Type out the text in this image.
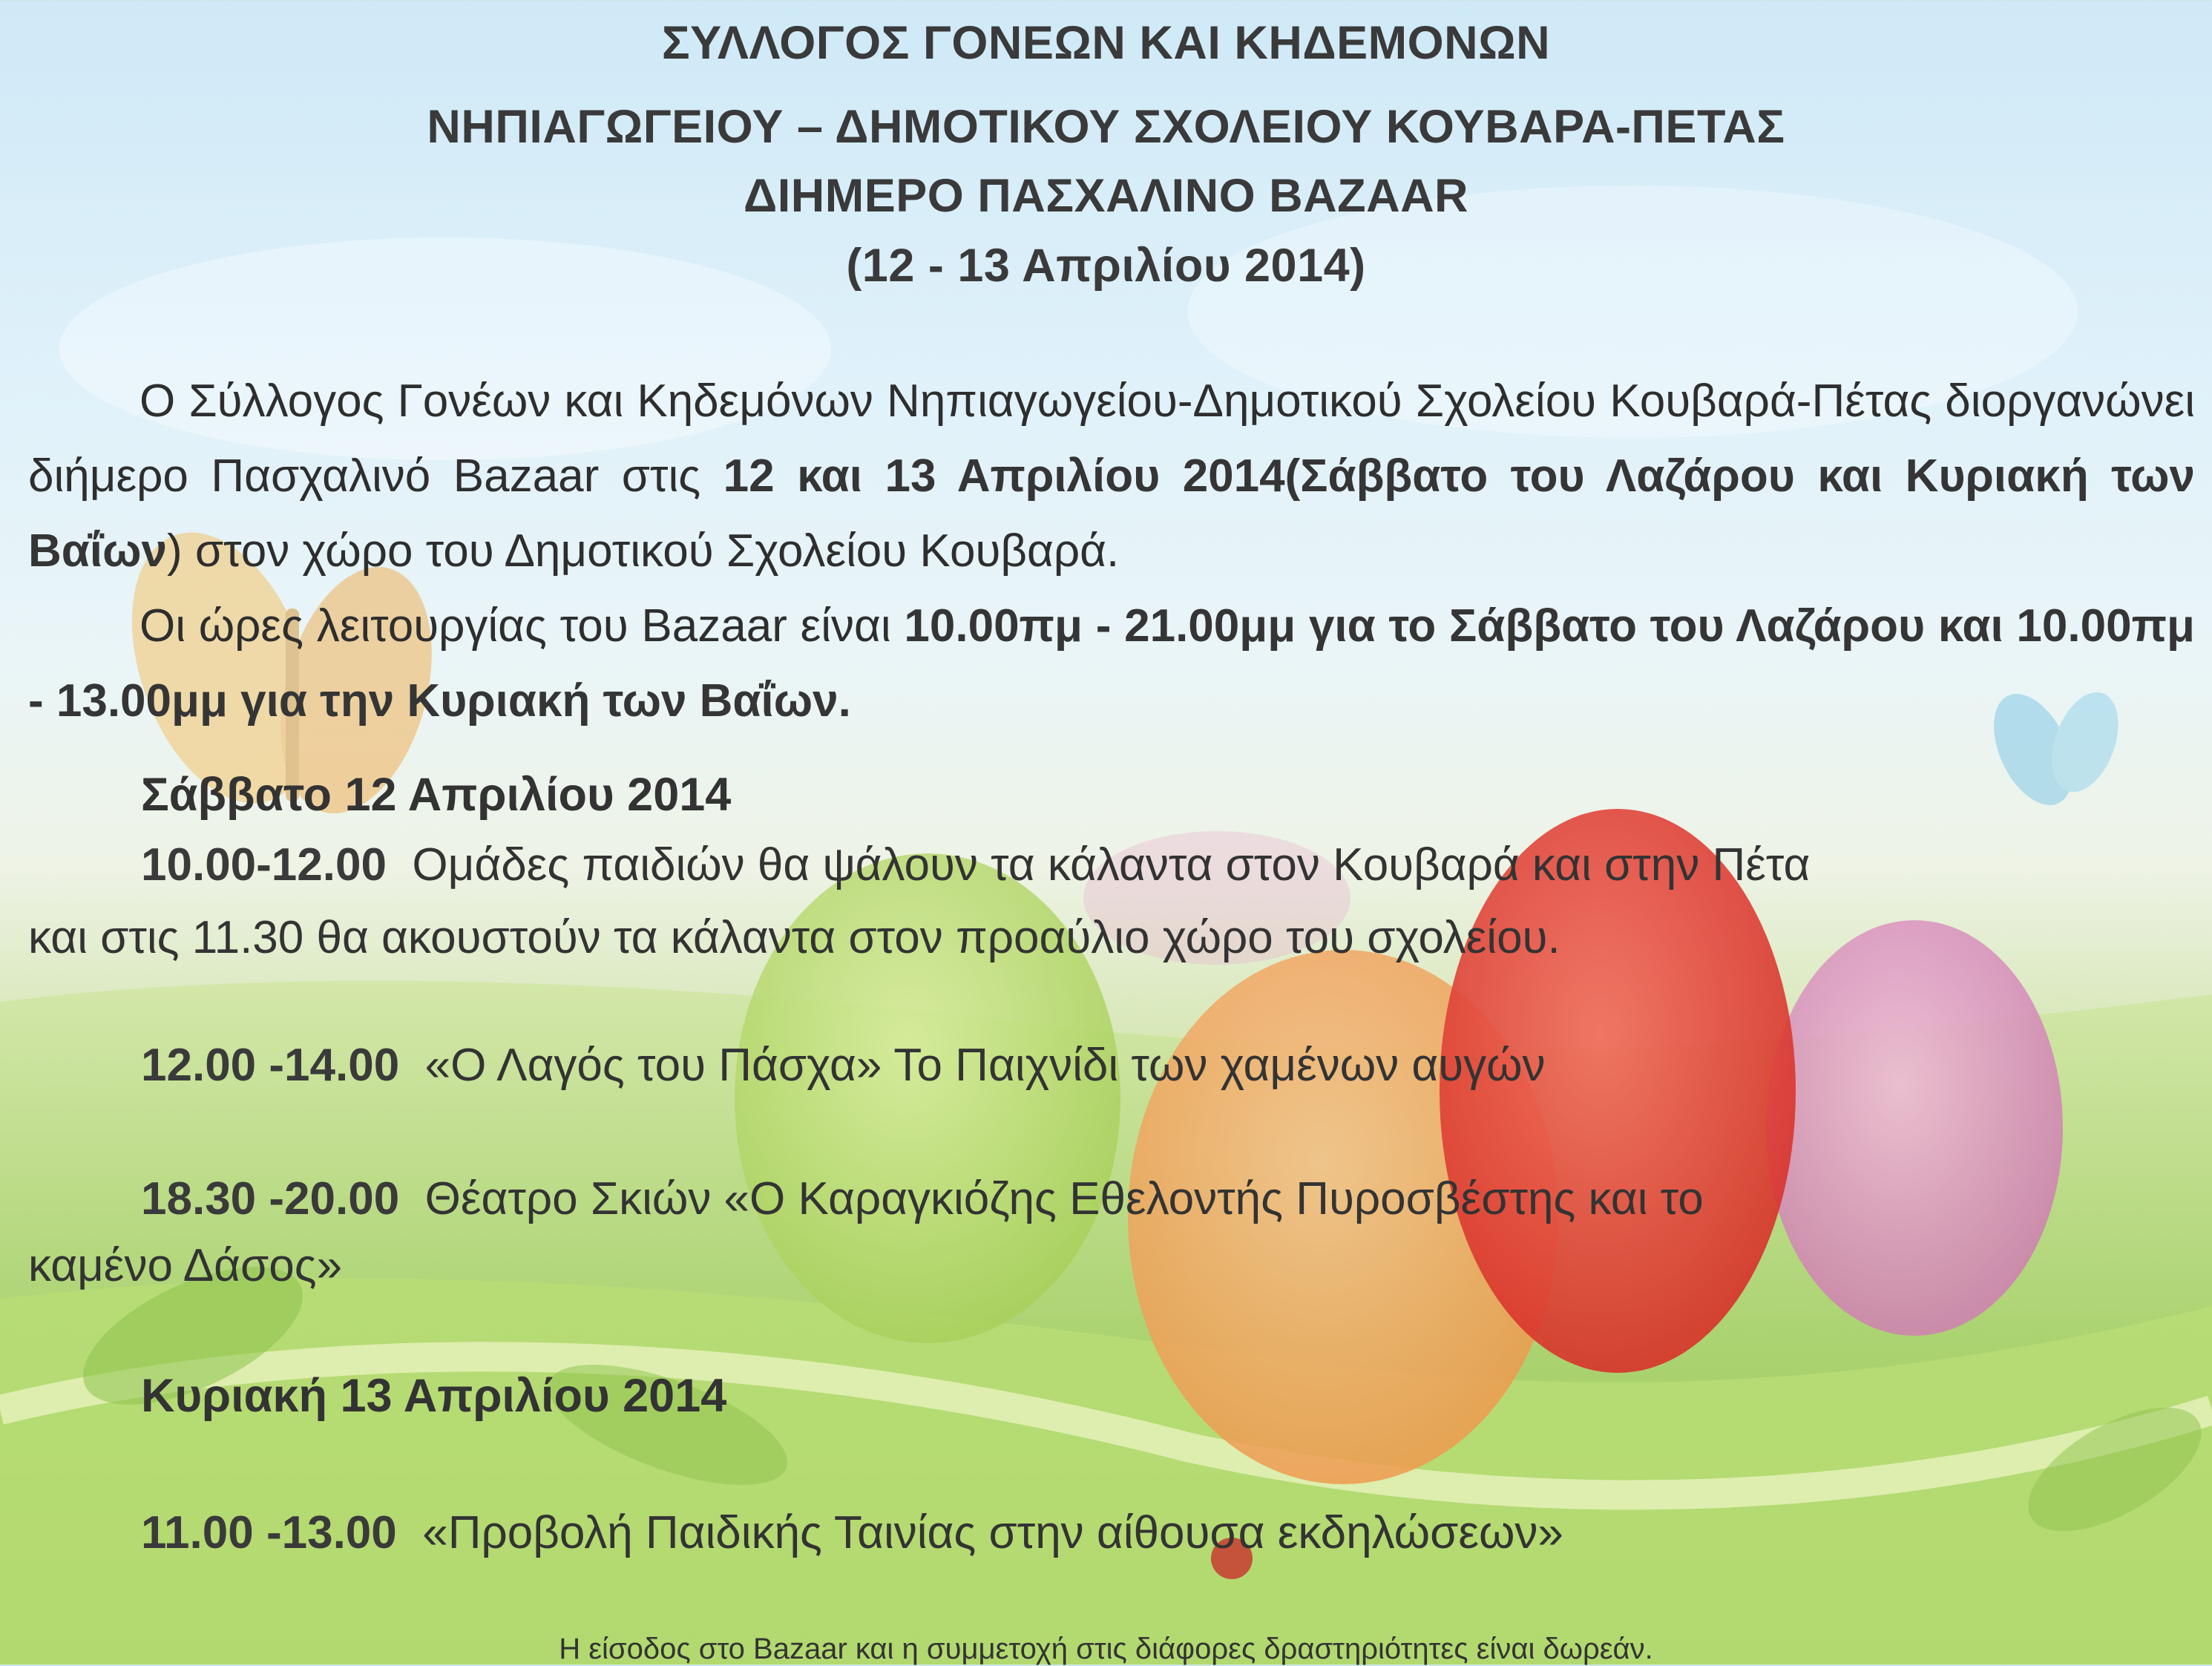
ΣΥΛΛΟΓΟΣ ΓΟΝΕΩΝ ΚΑΙ ΚΗΔΕΜΟΝΩΝ
ΝΗΠΙΑΓΩΓΕΙΟΥ – ΔΗΜΟΤΙΚΟΥ ΣΧΟΛΕΙΟΥ ΚΟΥΒΑΡΑ-ΠΕΤΑΣ
ΔΙΗΜΕΡΟ ΠΑΣΧΑΛΙΝΟ BAZAAR
(12 - 13 Απριλίου 2014)

Ο Σύλλογος Γονέων και Κηδεμόνων Νηπιαγωγείου-Δημοτικού Σχολείου Κουβαρά-Πέτας διοργανώνει διήμερο Πασχαλινό Bazaar στις 12 και 13 Απριλίου 2014(Σάββατο του Λαζάρου και Κυριακή των Βαΐων) στον χώρο του Δημοτικού Σχολείου Κουβαρά.

Οι ώρες λειτουργίας του Bazaar είναι 10.00πμ - 21.00μμ για το Σάββατο του Λαζάρου και 10.00πμ - 13.00μμ για την Κυριακή των Βαΐων.

Σάββατο 12 Απριλίου 2014
10.00-12.00 Ομάδες παιδιών θα ψάλουν τα κάλαντα στον Κουβαρά και στην Πέτα
και στις 11.30 θα ακουστούν τα κάλαντα στον προαύλιο χώρο του σχολείου.
12.00 -14.00 «Ο Λαγός του Πάσχα» Το Παιχνίδι των χαμένων αυγών
18.30 -20.00 Θέατρο Σκιών «Ο Καραγκιόζης Εθελοντής Πυροσβέστης και το
καμένο Δάσος»
Κυριακή 13 Απριλίου 2014
11.00 -13.00 «Προβολή Παιδικής Ταινίας στην αίθουσα εκδηλώσεων»
Η είσοδος στο Bazaar και η συμμετοχή στις διάφορες δραστηριότητες είναι δωρεάν.
